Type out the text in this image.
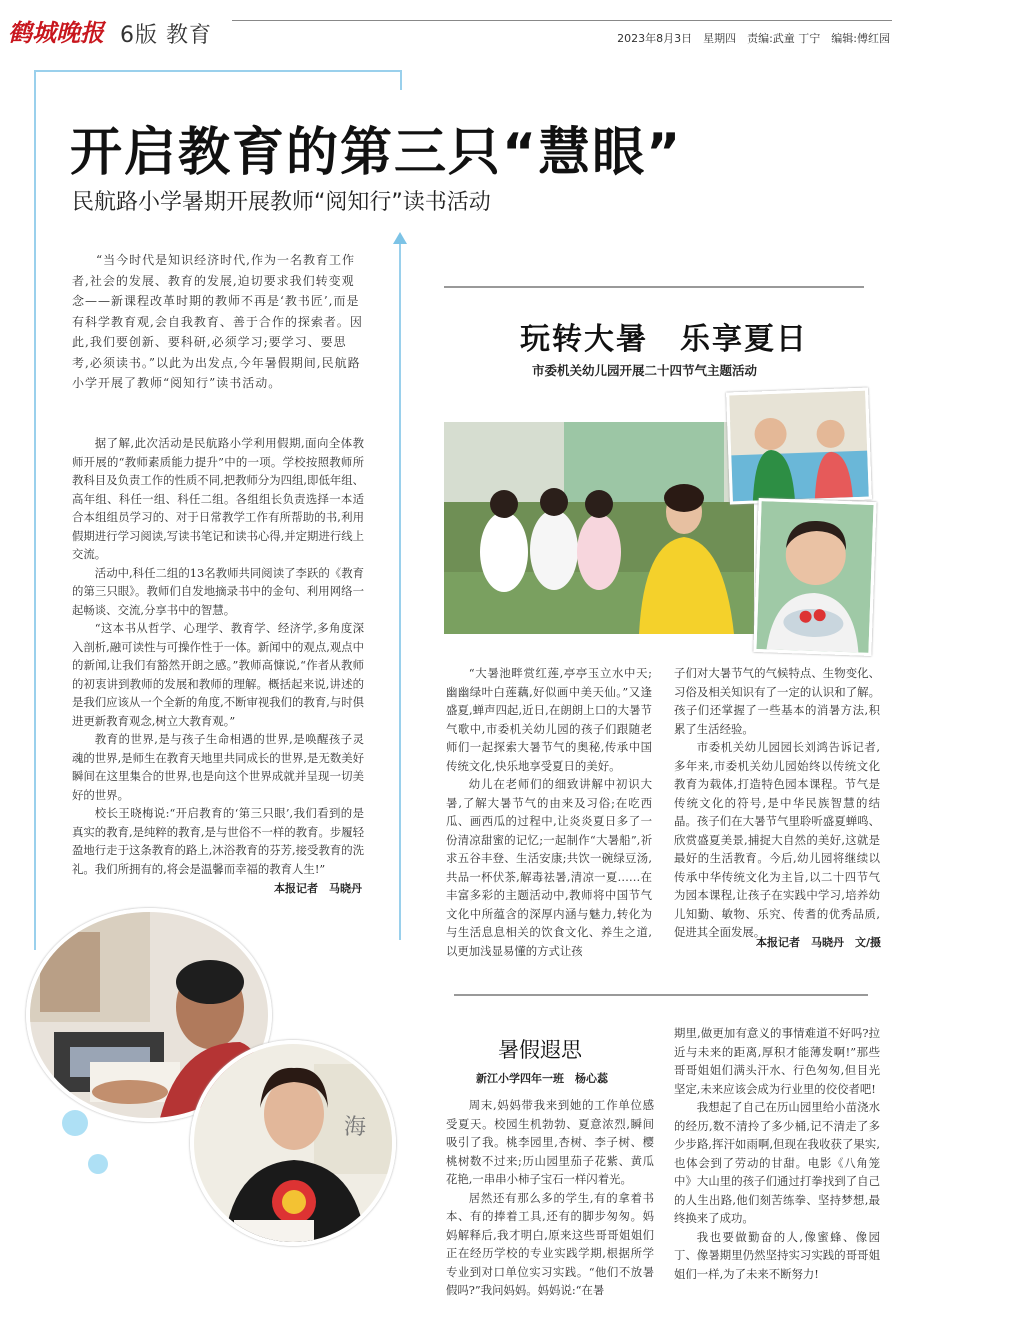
鹤城晚报 6版 教育	2023年8月3日　星期四　责编:武童 丁宁　编辑:傅红园
开启教育的第三只“慧眼”
民航路小学暑期开展教师“阅知行”读书活动
“当今时代是知识经济时代,作为一名教育工作者,社会的发展、教育的发展,迫切要求我们转变观念——新课程改革时期的教师不再是‘教书匠’,而是有科学教育观,会自我教育、善于合作的探索者。因此,我们要创新、要科研,必须学习;要学习、要思考,必须读书。”以此为出发点,今年暑假期间,民航路小学开展了教师“阅知行”读书活动。

据了解,此次活动是民航路小学利用假期,面向全体教师开展的“教师素质能力提升”中的一项。学校按照教师所教科目及负责工作的性质不同,把教师分为四组,即低年组、高年组、科任一组、科任二组。各组组长负责选择一本适合本组组员学习的、对于日常教学工作有所帮助的书,利用假期进行学习阅读,写读书笔记和读书心得,并定期进行线上交流。

活动中,科任二组的13名教师共同阅读了李跃的《教育的第三只眼》。教师们自发地摘录书中的金句、利用网络一起畅谈、交流,分享书中的智慧。

“这本书从哲学、心理学、教育学、经济学,多角度深入剖析,融可读性与可操作性于一体。新闻中的观点,观点中的新闻,让我们有豁然开朗之感。”教师高慷说,“作者从教师的初衷讲到教师的发展和教师的理解。概括起来说,讲述的是我们应该从一个全新的角度,不断审视我们的教育,与时俱进更新教育观念,树立大教育观。”

教育的世界,是与孩子生命相遇的世界,是唤醒孩子灵魂的世界,是师生在教育天地里共同成长的世界,是无数美好瞬间在这里集合的世界,也是向这个世界成就并呈现一切美好的世界。

校长王晓梅说:“开启教育的‘第三只眼’,我们看到的是真实的教育,是纯粹的教育,是与世俗不一样的教育。步履轻盈地行走于这条教育的路上,沐浴教育的芬芳,接受教育的洗礼。我们所拥有的,将会是温馨而幸福的教育人生!”

本报记者　马晓丹
海
玩转大暑　乐享夏日
市委机关幼儿园开展二十四节气主题活动

“大暑池畔赏红莲,亭亭玉立水中天;幽幽绿叶白莲藕,好似画中美天仙。”又逢盛夏,蝉声四起,近日,在朗朗上口的大暑节气歌中,市委机关幼儿园的孩子们跟随老师们一起探索大暑节气的奥秘,传承中国传统文化,快乐地享受夏日的美好。

幼儿在老师们的细致讲解中初识大暑,了解大暑节气的由来及习俗;在吃西瓜、画西瓜的过程中,让炎炎夏日多了一份清凉甜蜜的记忆;一起制作“大暑船”,祈求五谷丰登、生活安康;共饮一碗绿豆汤,共品一杯伏茶,解毒祛暑,清凉一夏……在丰富多彩的主题活动中,教师将中国节气文化中所蕴含的深厚内涵与魅力,转化为与生活息息相关的饮食文化、养生之道,以更加浅显易懂的方式让孩

子们对大暑节气的气候特点、生物变化、习俗及相关知识有了一定的认识和了解。孩子们还掌握了一些基本的消暑方法,积累了生活经验。

市委机关幼儿园园长刘鸿告诉记者,多年来,市委机关幼儿园始终以传统文化教育为载体,打造特色园本课程。节气是传统文化的符号,是中华民族智慧的结晶。孩子们在大暑节气里聆听盛夏蝉鸣、欣赏盛夏美景,捕捉大自然的美好,这就是最好的生活教育。今后,幼儿园将继续以传承中华传统文化为主旨,以二十四节气为园本课程,让孩子在实践中学习,培养幼儿知勤、敏物、乐究、传耆的优秀品质,促进其全面发展。

本报记者　马晓丹　文/摄
暑假遐思
新江小学四年一班　杨心蕊

周末,妈妈带我来到她的工作单位感受夏天。校园生机勃勃、夏意浓烈,瞬间吸引了我。桃李园里,杏树、李子树、樱桃树数不过来;历山园里茄子花紫、黄瓜花艳,一串串小柿子宝石一样闪着光。

居然还有那么多的学生,有的拿着书本、有的捧着工具,还有的脚步匆匆。妈妈解释后,我才明白,原来这些哥哥姐姐们正在经历学校的专业实践学期,根据所学专业到对口单位实习实践。“他们不放暑假吗?”我问妈妈。妈妈说:“在暑

期里,做更加有意义的事情难道不好吗?拉近与未来的距离,厚积才能薄发啊!”那些哥哥姐姐们满头汗水、行色匆匆,但目光坚定,未来应该会成为行业里的佼佼者吧!

我想起了自己在历山园里给小苗浇水的经历,数不清拎了多少桶,记不清走了多少步路,挥汗如雨啊,但现在我收获了果实,也体会到了劳动的甘甜。电影《八角笼中》大山里的孩子们通过打拳找到了自己的人生出路,他们刻苦练拳、坚持梦想,最终换来了成功。

我也要做勤奋的人,像蜜蜂、像园丁、像暑期里仍然坚持实习实践的哥哥姐姐们一样,为了未来不断努力!
